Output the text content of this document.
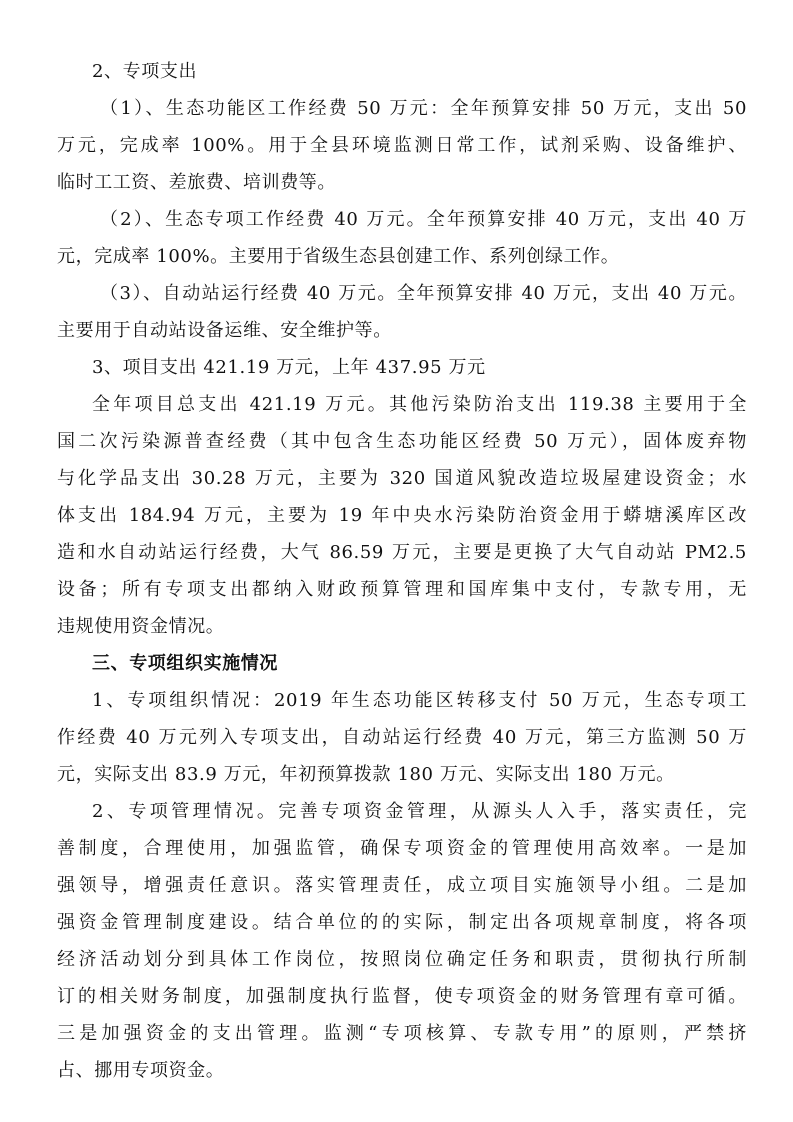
2、专项支出
（1）、生态功能区工作经费 50 万元：全年预算安排 50 万元，支出 50
万元，完成率 100%。用于全县环境监测日常工作，试剂采购、设备维护、
临时工工资、差旅费、培训费等。
（2）、生态专项工作经费 40 万元。全年预算安排 40 万元，支出 40 万
元，完成率 100%。主要用于省级生态县创建工作、系列创绿工作。
（3）、自动站运行经费 40 万元。全年预算安排 40 万元，支出 40 万元。
主要用于自动站设备运维、安全维护等。
3、项目支出 421.19 万元，上年 437.95 万元
全年项目总支出 421.19 万元。其他污染防治支出 119.38 主要用于全
国二次污染源普查经费（其中包含生态功能区经费 50 万元），固体废弃物
与化学品支出 30.28 万元，主要为 320 国道风貌改造垃圾屋建设资金；水
体支出 184.94 万元，主要为 19 年中央水污染防治资金用于蟒塘溪库区改
造和水自动站运行经费，大气 86.59 万元，主要是更换了大气自动站 PM2.5
设备；所有专项支出都纳入财政预算管理和国库集中支付，专款专用，无
违规使用资金情况。
三、专项组织实施情况
1、专项组织情况：2019 年生态功能区转移支付 50 万元，生态专项工
作经费 40 万元列入专项支出，自动站运行经费 40 万元，第三方监测 50 万
元，实际支出 83.9 万元，年初预算拨款 180 万元、实际支出 180 万元。
2、专项管理情况。完善专项资金管理，从源头人入手，落实责任，完
善制度，合理使用，加强监管，确保专项资金的管理使用高效率。一是加
强领导，增强责任意识。落实管理责任，成立项目实施领导小组。二是加
强资金管理制度建设。结合单位的的实际，制定出各项规章制度，将各项
经济活动划分到具体工作岗位，按照岗位确定任务和职责，贯彻执行所制
订的相关财务制度，加强制度执行监督，使专项资金的财务管理有章可循。
三是加强资金的支出管理。监测“专项核算、专款专用”的原则，严禁挤
占、挪用专项资金。
